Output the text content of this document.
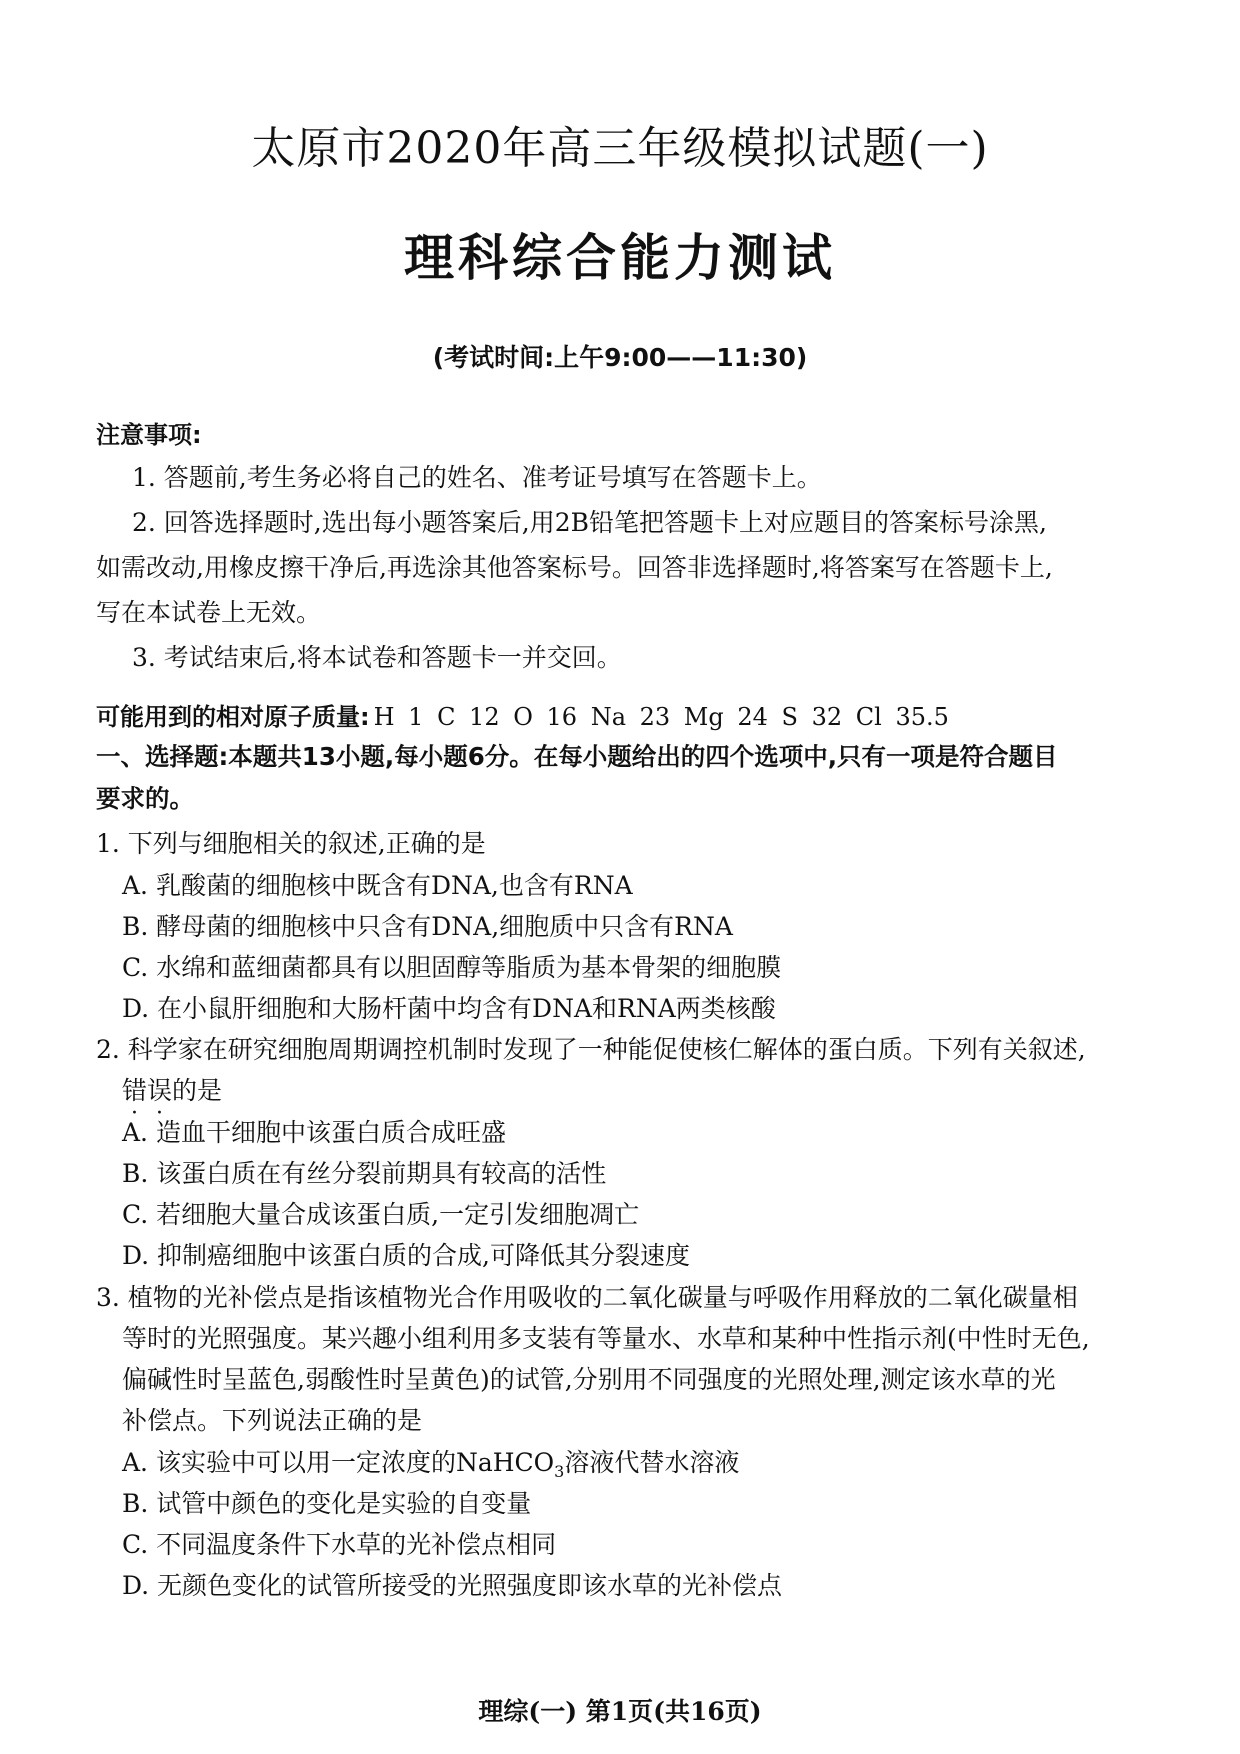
太原市2020年高三年级模拟试题(一)
理科综合能力测试
(考试时间:上午9:00——11:30)
注意事项:
1. 答题前,考生务必将自己的姓名、准考证号填写在答题卡上。
2. 回答选择题时,选出每小题答案后,用2B铅笔把答题卡上对应题目的答案标号涂黑,
如需改动,用橡皮擦干净后,再选涂其他答案标号。回答非选择题时,将答案写在答题卡上,
写在本试卷上无效。
3. 考试结束后,将本试卷和答题卡一并交回。
可能用到的相对原子质量: H 1 C 12 O 16 Na 23 Mg 24 S 32 Cl 35.5
一、选择题:本题共13小题,每小题6分。在每小题给出的四个选项中,只有一项是符合题目
要求的。
1. 下列与细胞相关的叙述,正确的是
A. 乳酸菌的细胞核中既含有DNA,也含有RNA
B. 酵母菌的细胞核中只含有DNA,细胞质中只含有RNA
C. 水绵和蓝细菌都具有以胆固醇等脂质为基本骨架的细胞膜
D. 在小鼠肝细胞和大肠杆菌中均含有DNA和RNA两类核酸
2. 科学家在研究细胞周期调控机制时发现了一种能促使核仁解体的蛋白质。下列有关叙述,
错误的是
A. 造血干细胞中该蛋白质合成旺盛
B. 该蛋白质在有丝分裂前期具有较高的活性
C. 若细胞大量合成该蛋白质,一定引发细胞凋亡
D. 抑制癌细胞中该蛋白质的合成,可降低其分裂速度
3. 植物的光补偿点是指该植物光合作用吸收的二氧化碳量与呼吸作用释放的二氧化碳量相
等时的光照强度。某兴趣小组利用多支装有等量水、水草和某种中性指示剂(中性时无色,
偏碱性时呈蓝色,弱酸性时呈黄色)的试管,分别用不同强度的光照处理,测定该水草的光
补偿点。下列说法正确的是
A. 该实验中可以用一定浓度的NaHCO$_3$溶液代替水溶液
B. 试管中颜色的变化是实验的自变量
C. 不同温度条件下水草的光补偿点相同
D. 无颜色变化的试管所接受的光照强度即该水草的光补偿点
理综(一) 第1页(共16页)
